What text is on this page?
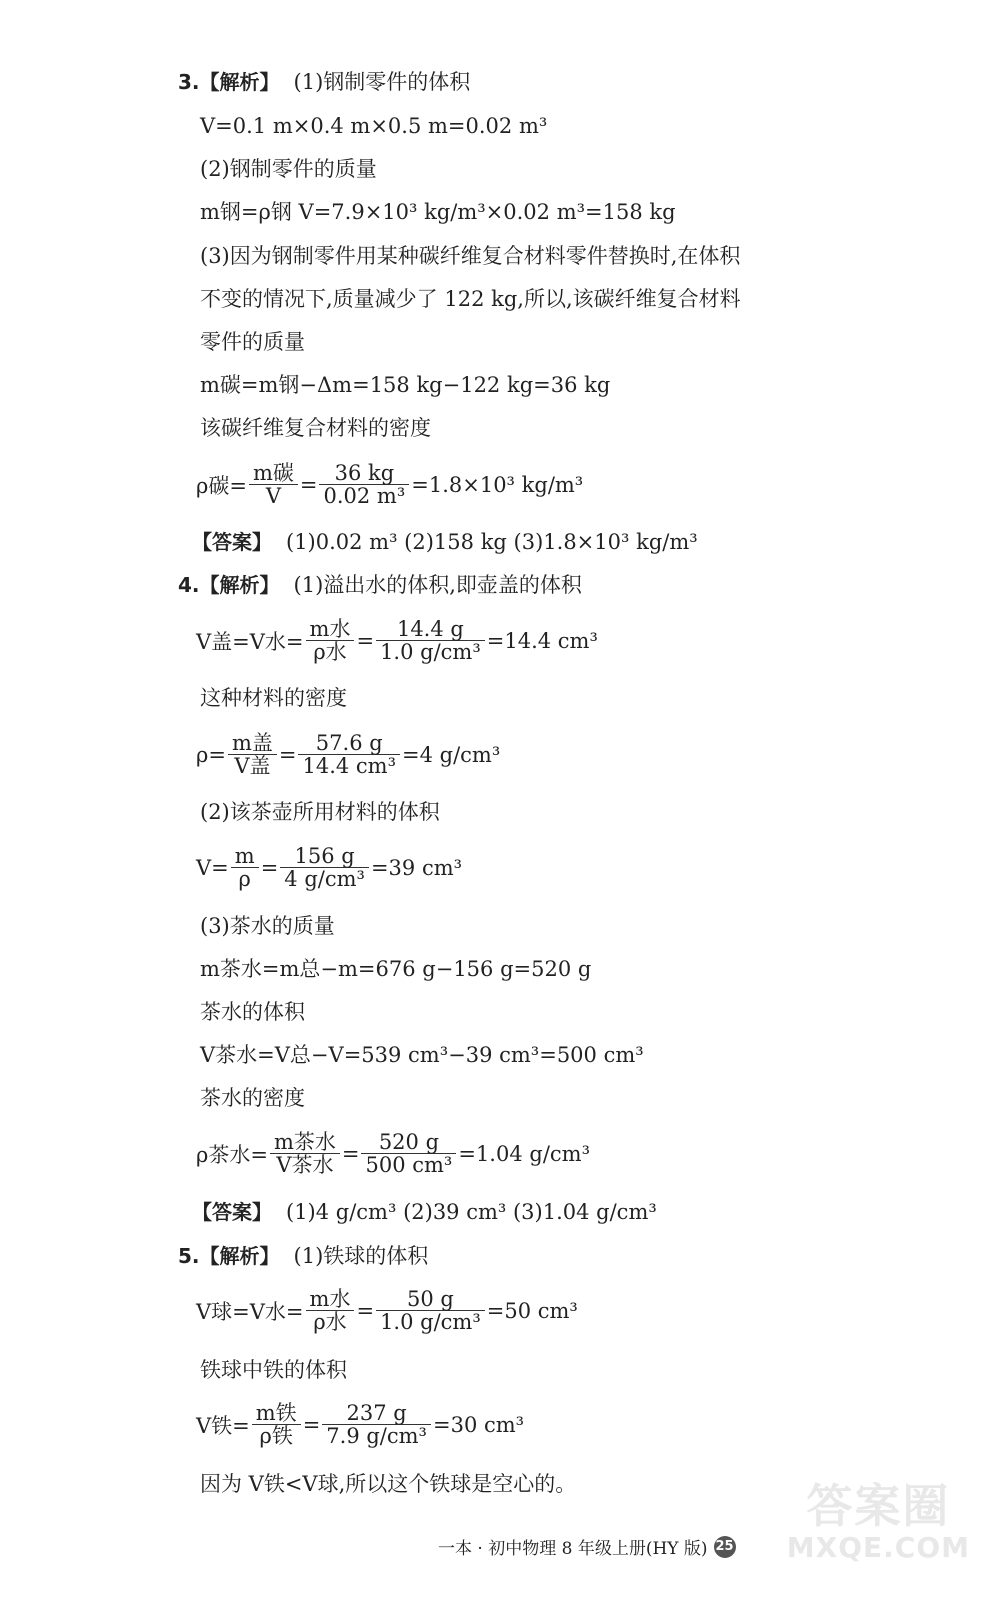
3.【解析】 (1)钢制零件的体积
V=0.1 m×0.4 m×0.5 m=0.02 m³
(2)钢制零件的质量
m钢=ρ钢 V=7.9×10³ kg/m³×0.02 m³=158 kg
(3)因为钢制零件用某种碳纤维复合材料零件替换时,在体积
不变的情况下,质量减少了 122 kg,所以,该碳纤维复合材料
零件的质量
m碳=m钢−Δm=158 kg−122 kg=36 kg
该碳纤维复合材料的密度
ρ碳= $\frac{\text{m碳}}{V} = \frac{36 kg}{\text{0.02 m³}} =1.8\times 10^3$ kg/m³
【答案】 (1)0.02 m³ (2)158 kg (3)1.8×10³ kg/m³
4.【解析】 (1)溢出水的体积,即壶盖的体积
V盖=V水= $\frac{\text{m水}}{\text{ρ水}} = \frac{14.4 g}{\text{1.0 g/cm³}} =14.4$ cm³
这种材料的密度
$\rho= \frac{\text{m盖}}{\text{V盖}} = \frac{57.6 g}{\text{14.4 cm³}} =4$ g/cm³
(2)该茶壶所用材料的体积
$V= \frac{m}{\rho} = \frac{156 g}{\text{4 g/cm³}} =39$ cm³
(3)茶水的质量
m茶水=m总−m=676 g−156 g=520 g
茶水的体积
V茶水=V总−V=539 cm³−39 cm³=500 cm³
茶水的密度
ρ茶水= $\frac{\text{m茶水}}{\text{V茶水}} = \frac{520 g}{\text{500 cm³}} =1.04$ g/cm³
【答案】 (1)4 g/cm³ (2)39 cm³ (3)1.04 g/cm³
5.【解析】 (1)铁球的体积
V球=V水= $\frac{\text{m水}}{\text{ρ水}} = \frac{50 g}{\text{1.0 g/cm³}} =50$ cm³
铁球中铁的体积
V铁= $\frac{\text{m铁}}{\text{ρ铁}} = \frac{237 g}{\text{7.9 g/cm³}} =30$ cm³
因为 V铁<V球,所以这个铁球是空心的。
一本 · 初中物理 8 年级上册(HY 版) 25
答案圈
MXQE.COM
